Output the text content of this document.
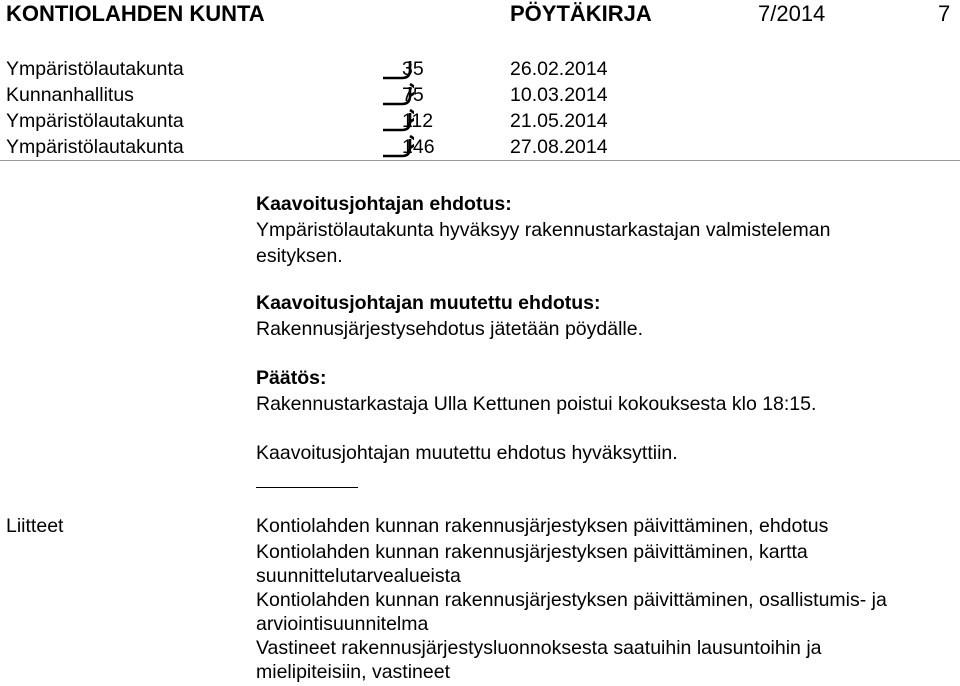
KONTIOLAHDEN KUNTA	PÖYTÄKIRJA	7/2014	7
Ympäristölautakunta	35	26.02.2014
Kunnanhallitus	75	10.03.2014
Ympäristölautakunta	112	21.05.2014
Ympäristölautakunta	146	27.08.2014
Kaavoitusjohtajan ehdotus:
Ympäristölautakunta hyväksyy rakennustarkastajan valmisteleman
esityksen.
Kaavoitusjohtajan muutettu ehdotus:
Rakennusjärjestysehdotus jätetään pöydälle.
Päätös:
Rakennustarkastaja Ulla Kettunen poistui kokouksesta klo 18:15.
Kaavoitusjohtajan muutettu ehdotus hyväksyttiin.
Liitteet	Kontiolahden kunnan rakennusjärjestyksen päivittäminen, ehdotus
Kontiolahden kunnan rakennusjärjestyksen päivittäminen, kartta
suunnittelutarvealueista
Kontiolahden kunnan rakennusjärjestyksen päivittäminen, osallistumis- ja
arviointisuunnitelma
Vastineet rakennusjärjestysluonnoksesta saatuihin lausuntoihin ja
mielipiteisiin, vastineet
